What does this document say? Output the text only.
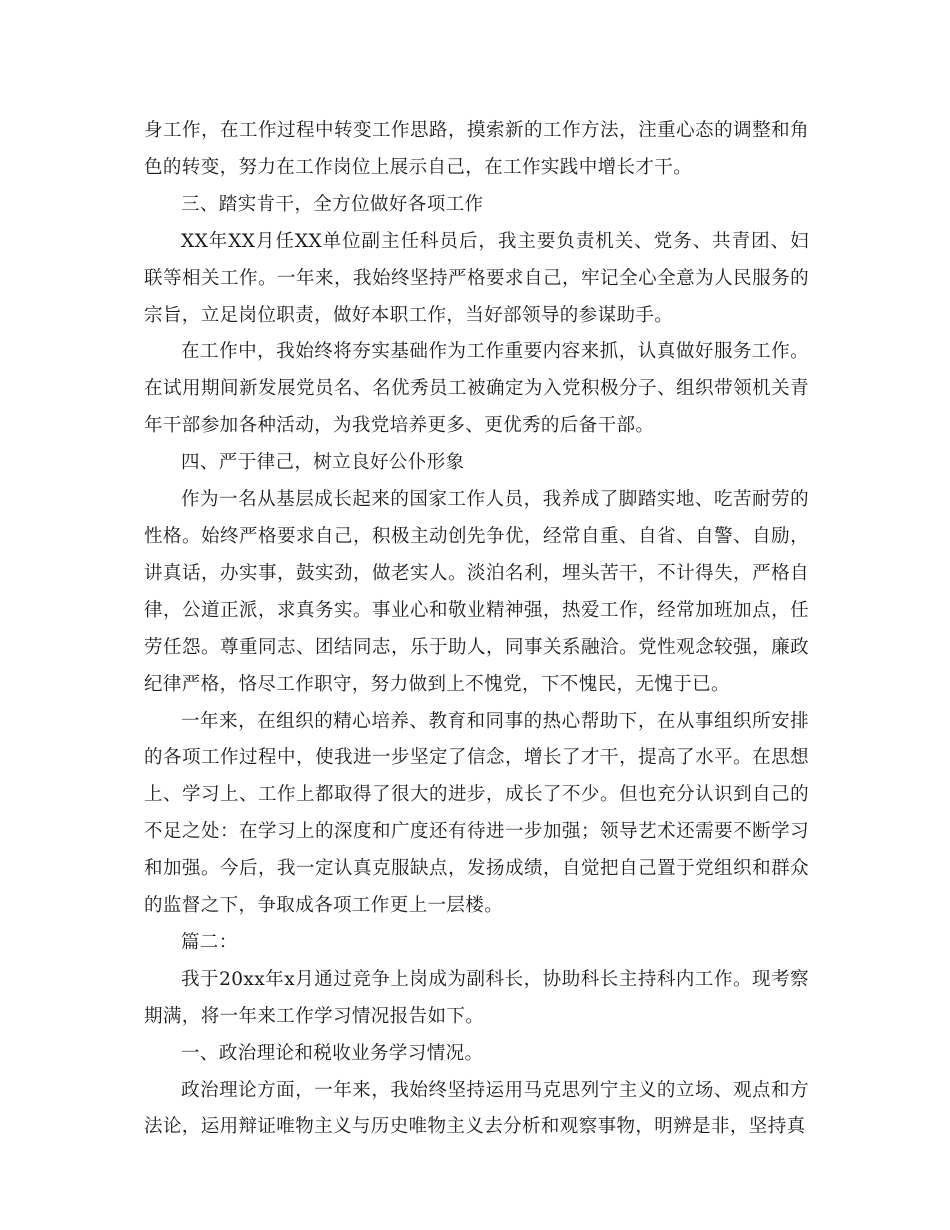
身工作，在工作过程中转变工作思路，摸索新的工作方法，注重心态的调整和角色的转变，努力在工作岗位上展示自己，在工作实践中增长才干。

三、踏实肯干，全方位做好各项工作

XX年XX月任XX单位副主任科员后，我主要负责机关、党务、共青团、妇联等相关工作。一年来，我始终坚持严格要求自己，牢记全心全意为人民服务的宗旨，立足岗位职责，做好本职工作，当好部领导的参谋助手。

在工作中，我始终将夯实基础作为工作重要内容来抓，认真做好服务工作。在试用期间新发展党员名、名优秀员工被确定为入党积极分子、组织带领机关青年干部参加各种活动，为我党培养更多、更优秀的后备干部。

四、严于律己，树立良好公仆形象

作为一名从基层成长起来的国家工作人员，我养成了脚踏实地、吃苦耐劳的性格。始终严格要求自己，积极主动创先争优，经常自重、自省、自警、自励，讲真话，办实事，鼓实劲，做老实人。淡泊名利，埋头苦干，不计得失，严格自律，公道正派，求真务实。事业心和敬业精神强，热爱工作，经常加班加点，任劳任怨。尊重同志、团结同志，乐于助人，同事关系融洽。党性观念较强，廉政纪律严格，恪尽工作职守，努力做到上不愧党，下不愧民，无愧于已。

一年来，在组织的精心培养、教育和同事的热心帮助下，在从事组织所安排的各项工作过程中，使我进一步坚定了信念，增长了才干，提高了水平。在思想上、学习上、工作上都取得了很大的进步，成长了不少。但也充分认识到自己的不足之处：在学习上的深度和广度还有待进一步加强；领导艺术还需要不断学习和加强。今后，我一定认真克服缺点，发扬成绩，自觉把自己置于党组织和群众的监督之下，争取成各项工作更上一层楼。

篇二：

我于20xx年x月通过竞争上岗成为副科长，协助科长主持科内工作。现考察期满，将一年来工作学习情况报告如下。

一、政治理论和税收业务学习情况。

政治理论方面，一年来，我始终坚持运用马克思列宁主义的立场、观点和方法论，运用辩证唯物主义与历史唯物主义去分析和观察事物，明辨是非，坚持真
